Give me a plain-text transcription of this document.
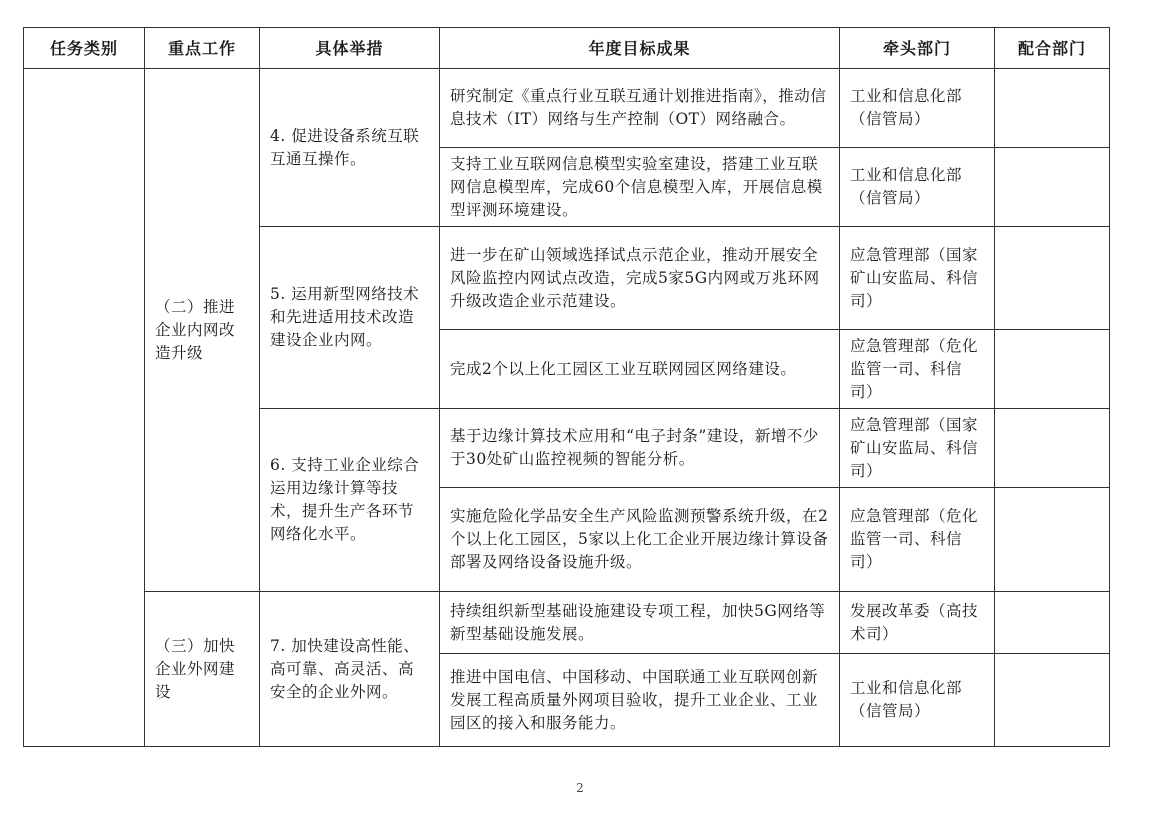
任务类别	重点工作	具体举措	年度目标成果	牵头部门	配合部门
	（二）推进企业内网改造升级	4. 促进设备系统互联互通互操作。	研究制定《重点行业互联互通计划推进指南》，推动信息技术（IT）网络与生产控制（OT）网络融合。	工业和信息化部（信管局）	
			支持工业互联网信息模型实验室建设，搭建工业互联网信息模型库，完成60个信息模型入库，开展信息模型评测环境建设。	工业和信息化部（信管局）	
		5. 运用新型网络技术和先进适用技术改造建设企业内网。	进一步在矿山领域选择试点示范企业，推动开展安全风险监控内网试点改造，完成5家5G内网或万兆环网升级改造企业示范建设。	应急管理部（国家矿山安监局、科信司）	
			完成2个以上化工园区工业互联网园区网络建设。	应急管理部（危化监管一司、科信司）	
		6. 支持工业企业综合运用边缘计算等技术，提升生产各环节网络化水平。	基于边缘计算技术应用和“电子封条”建设，新增不少于30处矿山监控视频的智能分析。	应急管理部（国家矿山安监局、科信司）	
			实施危险化学品安全生产风险监测预警系统升级，在2个以上化工园区，5家以上化工企业开展边缘计算设备部署及网络设备设施升级。	应急管理部（危化监管一司、科信司）	
	（三）加快企业外网建设	7. 加快建设高性能、高可靠、高灵活、高安全的企业外网。	持续组织新型基础设施建设专项工程，加快5G网络等新型基础设施发展。	发展改革委（高技术司）	
			推进中国电信、中国移动、中国联通工业互联网创新发展工程高质量外网项目验收，提升工业企业、工业园区的接入和服务能力。	工业和信息化部（信管局）	
2
